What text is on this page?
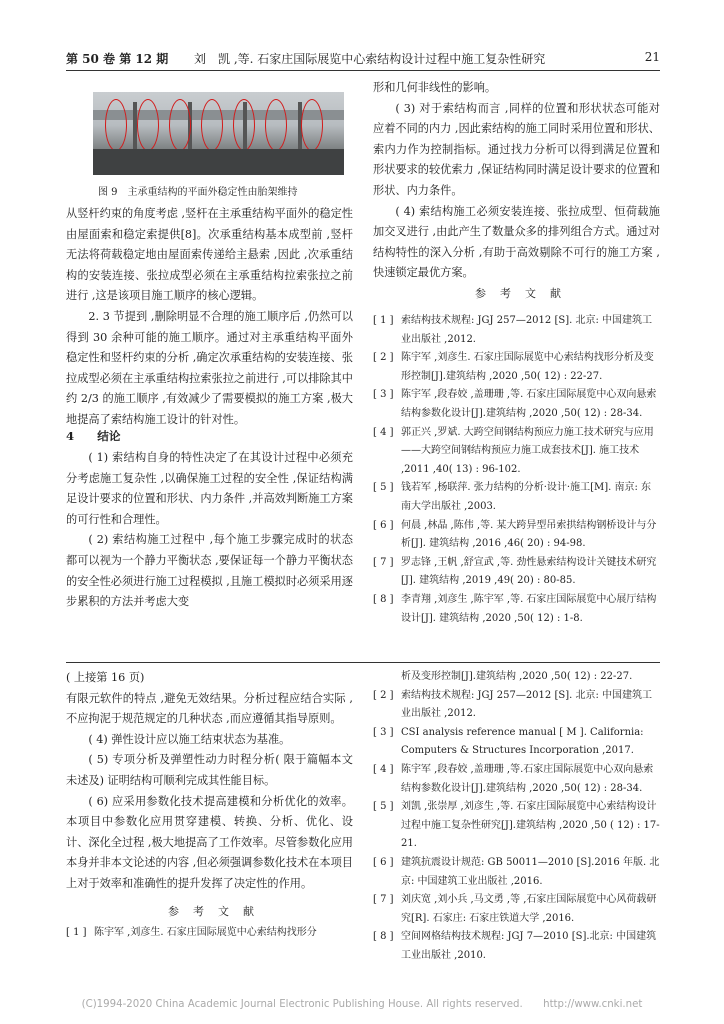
第 50 卷 第 12 期 刘　凯 ,等. 石家庄国际展览中心索结构设计过程中施工复杂性研究	21
图 9　主承重结构的平面外稳定性由胎架维持

从竖杆约束的角度考虑 ,竖杆在主承重结构平面外的稳定性由屋面索和稳定索提供[8]。次承重结构基本成型前 ,竖杆无法将荷载稳定地由屋面索传递给主悬索 ,因此 ,次承重结构的安装连接、张拉成型必须在主承重结构拉索张拉之前进行 ,这是该项目施工顺序的核心逻辑。

2. 3 节提到 ,删除明显不合理的施工顺序后 ,仍然可以得到 30 余种可能的施工顺序。通过对主承重结构平面外稳定性和竖杆约束的分析 ,确定次承重结构的安装连接、张拉成型必须在主承重结构拉索张拉之前进行 ,可以排除其中约 2/3 的施工顺序 ,有效减少了需要模拟的施工方案 ,极大地提高了索结构施工设计的针对性。

4　　结论

( 1) 索结构自身的特性决定了在其设计过程中必须充分考虑施工复杂性 ,以确保施工过程的安全性 ,保证结构满足设计要求的位置和形状、内力条件 ,并高效判断施工方案的可行性和合理性。

( 2) 索结构施工过程中 ,每个施工步骤完成时的状态都可以视为一个静力平衡状态 ,要保证每一个静力平衡状态的安全性必须进行施工过程模拟 ,且施工模拟时必须采用逐步累积的方法并考虑大变

形和几何非线性的影响。

( 3) 对于索结构而言 ,同样的位置和形状状态可能对应着不同的内力 ,因此索结构的施工同时采用位置和形状、索内力作为控制指标。通过找力分析可以得到满足位置和形状要求的较优索力 ,保证结构同时满足设计要求的位置和形状、内力条件。

( 4) 索结构施工必须安装连接、张拉成型、恒荷载施加交叉进行 ,由此产生了数量众多的排列组合方式。通过对结构特性的深入分析 ,有助于高效剔除不可行的施工方案 ,快速锁定最优方案。

参考文献
[ 1 ] 索结构技术规程: JGJ 257—2012 [S]. 北京: 中国建筑工业出版社 ,2012.
[ 2 ] 陈宇军 ,刘彦生. 石家庄国际展览中心索结构找形分析及变形控制[J].建筑结构 ,2020 ,50( 12) : 22-27.
[ 3 ] 陈宇军 ,段春姣 ,盖珊珊 ,等. 石家庄国际展览中心双向悬索结构参数化设计[J].建筑结构 ,2020 ,50( 12) : 28-34.
[ 4 ] 郭正兴 ,罗斌. 大跨空间钢结构预应力施工技术研究与应用——大跨空间钢结构预应力施工成套技术[J]. 施工技术 ,2011 ,40( 13) : 96-102.
[ 5 ] 钱若军 ,杨联萍. 张力结构的分析·设计·施工[M]. 南京: 东南大学出版社 ,2003.
[ 6 ] 何晨 ,林晶 ,陈伟 ,等. 某大跨异型吊索拱结构钢桥设计与分析[J]. 建筑结构 ,2016 ,46( 20) : 94-98.
[ 7 ] 罗志锋 ,王帆 ,舒宣武 ,等. 劲性悬索结构设计关键技术研究[J]. 建筑结构 ,2019 ,49( 20) : 80-85.
[ 8 ] 李青翔 ,刘彦生 ,陈宇军 ,等. 石家庄国际展览中心展厅结构设计[J]. 建筑结构 ,2020 ,50( 12) : 1-8.

( 上接第 16 页)

有限元软件的特点 ,避免无效结果。分析过程应结合实际 ,不应拘泥于规范规定的几种状态 ,而应遵循其指导原则。

( 4) 弹性设计应以施工结束状态为基准。

( 5) 专项分析及弹塑性动力时程分析( 限于篇幅本文未述及) 证明结构可顺利完成其性能目标。

( 6) 应采用参数化技术提高建模和分析优化的效率。本项目中参数化应用贯穿建模、转换、分析、优化、设计、深化全过程 ,极大地提高了工作效率。尽管参数化应用本身并非本文论述的内容 ,但必须强调参数化技术在本项目上对于效率和准确性的提升发挥了决定性的作用。

参考文献
[ 1 ] 陈宇军 ,刘彦生. 石家庄国际展览中心索结构找形分
析及变形控制[J].建筑结构 ,2020 ,50( 12) : 22-27.
[ 2 ] 索结构技术规程: JGJ 257—2012 [S]. 北京: 中国建筑工业出版社 ,2012.
[ 3 ] CSI analysis reference manual [ M ]. California: Computers & Structures Incorporation ,2017.
[ 4 ] 陈宇军 ,段春姣 ,盖珊珊 ,等.石家庄国际展览中心双向悬索结构参数化设计[J].建筑结构 ,2020 ,50( 12) : 28-34.
[ 5 ] 刘凯 ,张崇厚 ,刘彦生 ,等. 石家庄国际展览中心索结构设计过程中施工复杂性研究[J].建筑结构 ,2020 ,50 ( 12) : 17-21.
[ 6 ] 建筑抗震设计规范: GB 50011—2010 [S].2016 年版. 北京: 中国建筑工业出版社 ,2016.
[ 7 ] 刘庆宽 ,刘小兵 ,马文勇 ,等 ,石家庄国际展览中心风荷载研究[R]. 石家庄: 石家庄铁道大学 ,2016.
[ 8 ] 空间网格结构技术规程: JGJ 7—2010 [S].北京: 中国建筑工业出版社 ,2010.
(C)1994-2020 China Academic Journal Electronic Publishing House. All rights reserved.　　http://www.cnki.net
